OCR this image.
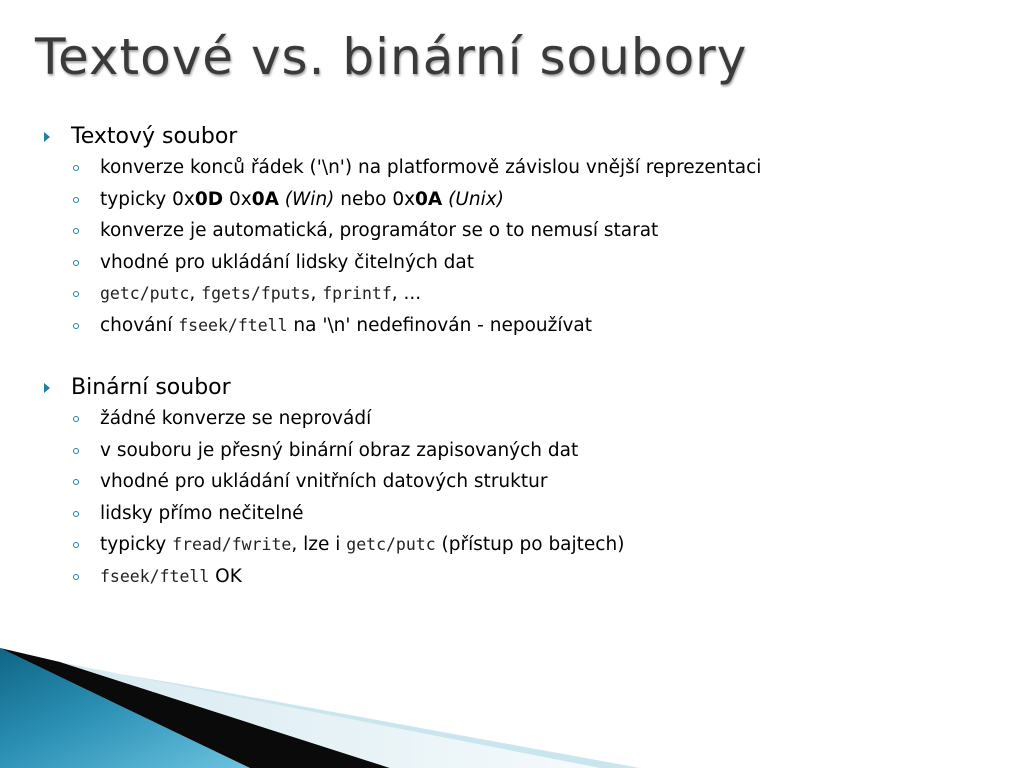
Textové vs. binární soubory
Textový soubor
konverze konců řádek ('\n') na platformově závislou vnější reprezentaci
typicky 0x0D 0x0A (Win) nebo 0x0A (Unix)
konverze je automatická, programátor se o to nemusí starat
vhodné pro ukládání lidsky čitelných dat
getc/putc, fgets/fputs, fprintf, ...
chování fseek/ftell na '\n' nedefinován - nepoužívat
Binární soubor
žádné konverze se neprovádí
v souboru je přesný binární obraz zapisovaných dat
vhodné pro ukládání vnitřních datových struktur
lidsky přímo nečitelné
typicky fread/fwrite, lze i getc/putc (přístup po bajtech)
fseek/ftell OK
